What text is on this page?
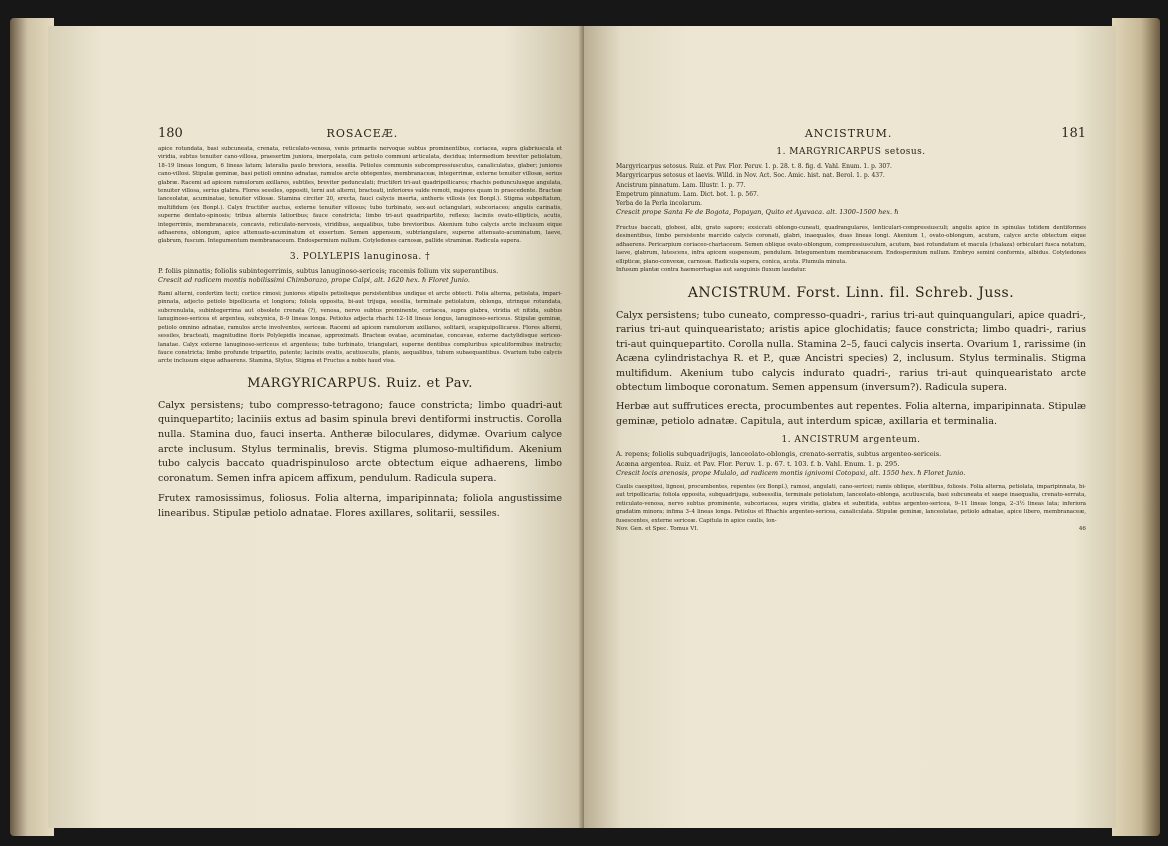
180	ROSACEÆ.

apice rotundata, basi subcuneata, crenata, reticulato-venosa, venis primariis nervoque subtus prominentibus, coriacea, supra glabriuscula et viridia, subtus tenuiter cano-villosa, praesertim juniora, imerpolata, cum petiolo communi articulata, decidua; intermedium breviter petiolatum, 18–19 lineas longum, 6 lineas latum; lateralia paulo breviora, sessilia. Petiolus communis subcompressiusculus, canaliculatus, glaber; juniores cano-villosi. Stipulæ geminæ, basi petioli omnino adnatae, ramulos arcte obtegentes, membranaceæ, integerrimæ, externe tenuiter villosæ, serius glabræ. Racemi ad apicem ramulorum axillares, subtiles, breviter pedunculati; fructiferi tri-aut quadripollicares; rhachis pedunculusque angulata, tenuiter villosa, serius glabra. Flores sessiles, oppositi, terni aut alterni, bracteati, inferiores valde remoti, majores quam in praecedente. Bracteæ lanceolatæ, acuminatae, tenuiter villosæ. Stamina circiter 20, erecta, fauci calycis inserta, antheris villosis (ex Bonpl.). Stigma subpeltatum, multifidum (ex Bonpl.). Calyx fructifer auctus, externe tenuiter villosus; tubo turbinato, sex-aut octangulari, subcoriaceo; angulis carinatis, superne dentato-spinosis; tribus alternis latioribus; fauce constricta; limbo tri-aut quadripartito, reflexo; laciniis ovato-ellipticis, acutis, integerrimis, membranaceis, concavis, reticulato-nervosis, viridibus, aequalibus, tubo brevioribus. Akenium tubo calycis arcte inclusum eique adhaerens, oblongum, apice attenuato-acuminatum et exsertum. Semen appensum, subtriangulare, superne attenuato-acuminatum, laeve, glabrum, fuscum. Integumentum membranaceum. Endospermium nullum. Cotyledones carnosæ, pallide straminæ. Radicula supera.

3. POLYLEPIS lanuginosa. †

P. foliis pinnatis; foliolis subintegerrimis, subtus lanuginoso-sericeis; racemis folium vix superantibus.

Crescit ad radicem montis nobilissimi Chimborazo, prope Calpi, alt. 1620 hex. ℏ Floret Junio.

Rami alterni, confertim tecti; cortice rimosi; juniores stipulis petiolisque persistentibus undique et arcte obtecti. Folia alterna, petiolata, impari-pinnata, adjecto petiolo bipollicaria et longiora; foliola opposita, bi-aut trijuga, sessilia, terminale petiolatum, oblonga, utrinque rotundata, subcrenulata, subintegerrima aut obsolete crenata (?), venosa, nervo subtus prominente, coriacea, supra glabra, viridia et nitida, subtus lanuginoso-sericea et argentea, subcynica, 8–9 lineas longa. Petiolus adjecta rhachi 12–18 lineas longus, lanuginoso-sericeus. Stipulæ geminæ, petiolo omnino adnatae, ramulos arcte involventes, sericeæ. Racemi ad apicem ramulorum axillares, solitarii, scapiquipollicares. Flores alterni, sessiles, bracteati, magnitudine floris Polylepidis incanae, approximati. Bracteæ ovatae, acuminatae, concavae, externe dactylidisque sericeo-lanatae. Calyx externe lanuginoso-sericeus et argenteus; tubo turbinato, triangulari, superne dentibus compluribus spiculiformibus instructo; fauce constricta; limbo profunde tripartito, patente; laciniis ovatis, acutiusculis, planis, aequalibus, tubum subaequantibus. Ovarium tubo calycis arcte inclusum eique adhaerens. Stamina, Stylus, Stigma et Fructus a nobis haud visa.

MARGYRICARPUS. Ruiz. et Pav.

Calyx persistens; tubo compresso-tetragono; fauce constricta; limbo quadri-aut quinquepartito; laciniis extus ad basim spinula brevi dentiformi instructis. Corolla nulla. Stamina duo, fauci inserta. Antheræ biloculares, didymæ. Ovarium calyce arcte inclusum. Stylus terminalis, brevis. Stigma plumoso-multifidum. Akenium tubo calycis baccato quadrispinuloso arcte obtectum eique adhaerens, limbo coronatum. Semen infra apicem affixum, pendulum. Radicula supera.

Frutex ramosissimus, foliosus. Folia alterna, imparipinnata; foliola angustissime linearibus. Stipulæ petiolo adnatae. Flores axillares, solitarii, sessiles.

ANCISTRUM.	181
1. MARGYRICARPUS setosus.

Margyricarpus setosus. Ruiz. et Pav. Flor. Peruv. 1. p. 28. t. 8. fig. d. Vahl. Enum. 1. p. 307.

Margyricarpus setosus et laevis. Willd. in Nov. Act. Soc. Amic. hist. nat. Berol. 1. p. 437.

Ancistrum pinnatum. Lam. Illustr. 1. p. 77.

Empetrum pinnatum. Lam. Dict. bot. 1. p. 567.

Yerba de la Perla incolarum.

Crescit prope Santa Fe de Bogota, Popayan, Quito et Ayavaca. alt. 1300–1500 hex. ℏ

Fructus baccati, globosi, albi, grato sapore; exsiccati oblongo-cuneati, quadrangulares, lenticulari-compressiusculi; angulis apice in spinulas totidem dentiformes desinentibus, limbo persistente marcido calycis coronati, glabri, inaequales, duas lineas longi. Akenium 1, ovato-oblongum, acutum, calyce arcte obtectum eique adhaerens. Pericarpium coriaceo-chartaceum. Semen oblique ovato-oblongum, compressiusculum, acutum, basi rotundatum et macula (chalaza) orbiculari fusca notatum, laeve, glabrum, lutescens, infra apicem suspensum, pendulum. Integumentum membranaceum. Endospermium nullum. Embryo semini conformis, albidus. Cotyledones ellipticæ, plano-convexæ, carnosæ. Radicula supera, conica, acuta. Plumula minuta.

Infusum plantæ contra haemorrhagias aut sanguinis fluxum laudatur.

ANCISTRUM. Forst. Linn. fil. Schreb. Juss.

Calyx persistens; tubo cuneato, compresso-quadri-, rarius tri-aut quinquangulari, apice quadri-, rarius tri-aut quinquearistato; aristis apice glochidatis; fauce constricta; limbo quadri-, rarius tri-aut quinquepartito. Corolla nulla. Stamina 2–5, fauci calycis inserta. Ovarium 1, rarissime (in Acæna cylindristachya R. et P., quæ Ancistri species) 2, inclusum. Stylus terminalis. Stigma multifidum. Akenium tubo calycis indurato quadri-, rarius tri-aut quinquearistato arcte obtectum limboque coronatum. Semen appensum (inversum?). Radicula supera.

Herbæ aut suffrutices erecta, procumbentes aut repentes. Folia alterna, imparipinnata. Stipulæ geminæ, petiolo adnatæ. Capitula, aut interdum spicæ, axillaria et terminalia.

1. ANCISTRUM argenteum.

A. repens; foliolis subquadrijugis, lanceolato-oblongis, crenato-serratis, subtus argenteo-sericeis.

Acæna argentea. Ruiz. et Pav. Flor. Peruv. 1. p. 67. t. 103. f. b. Vahl. Enum. 1. p. 295.

Crescit locis arenosis, prope Mulalo, ad radicem montis ignivomi Cotopaxi, alt. 1550 hex. ℏ Floret Junio.

Caulis caespitosi, lignosi, procumbentes, repentes (ex Bonpl.), ramosi, angulati, cano-sericei; ramis oblique, sterilibus, foliosis. Folia alterna, petiolata, imparipinnata, bi-aut tripollicaria; foliola opposita, subquadrijuga, subsessilia, terminale petiolatum, lanceolato-oblonga, acutiuscula, basi subcuneata et saepe inaequalia, crenato-serrata, reticulato-venosa, nervo subtus prominente, subcoriacea, supra viridia, glabra et subnitida, subtus argenteo-sericea, 9–11 lineas longa, 2–3½ lineas lata; inferiora gradatim minora; infima 3–4 lineas longa. Petiolus et Rhachis argenteo-sericea, canaliculata. Stipulæ geminæ, lanceolatae, petiolo adnatae, apice libero, membranaceæ, fusescentes, externe sericeæ. Capitula in apice caulis, lon-

Nov. Gen. et Spec. Tomus VI.	46
